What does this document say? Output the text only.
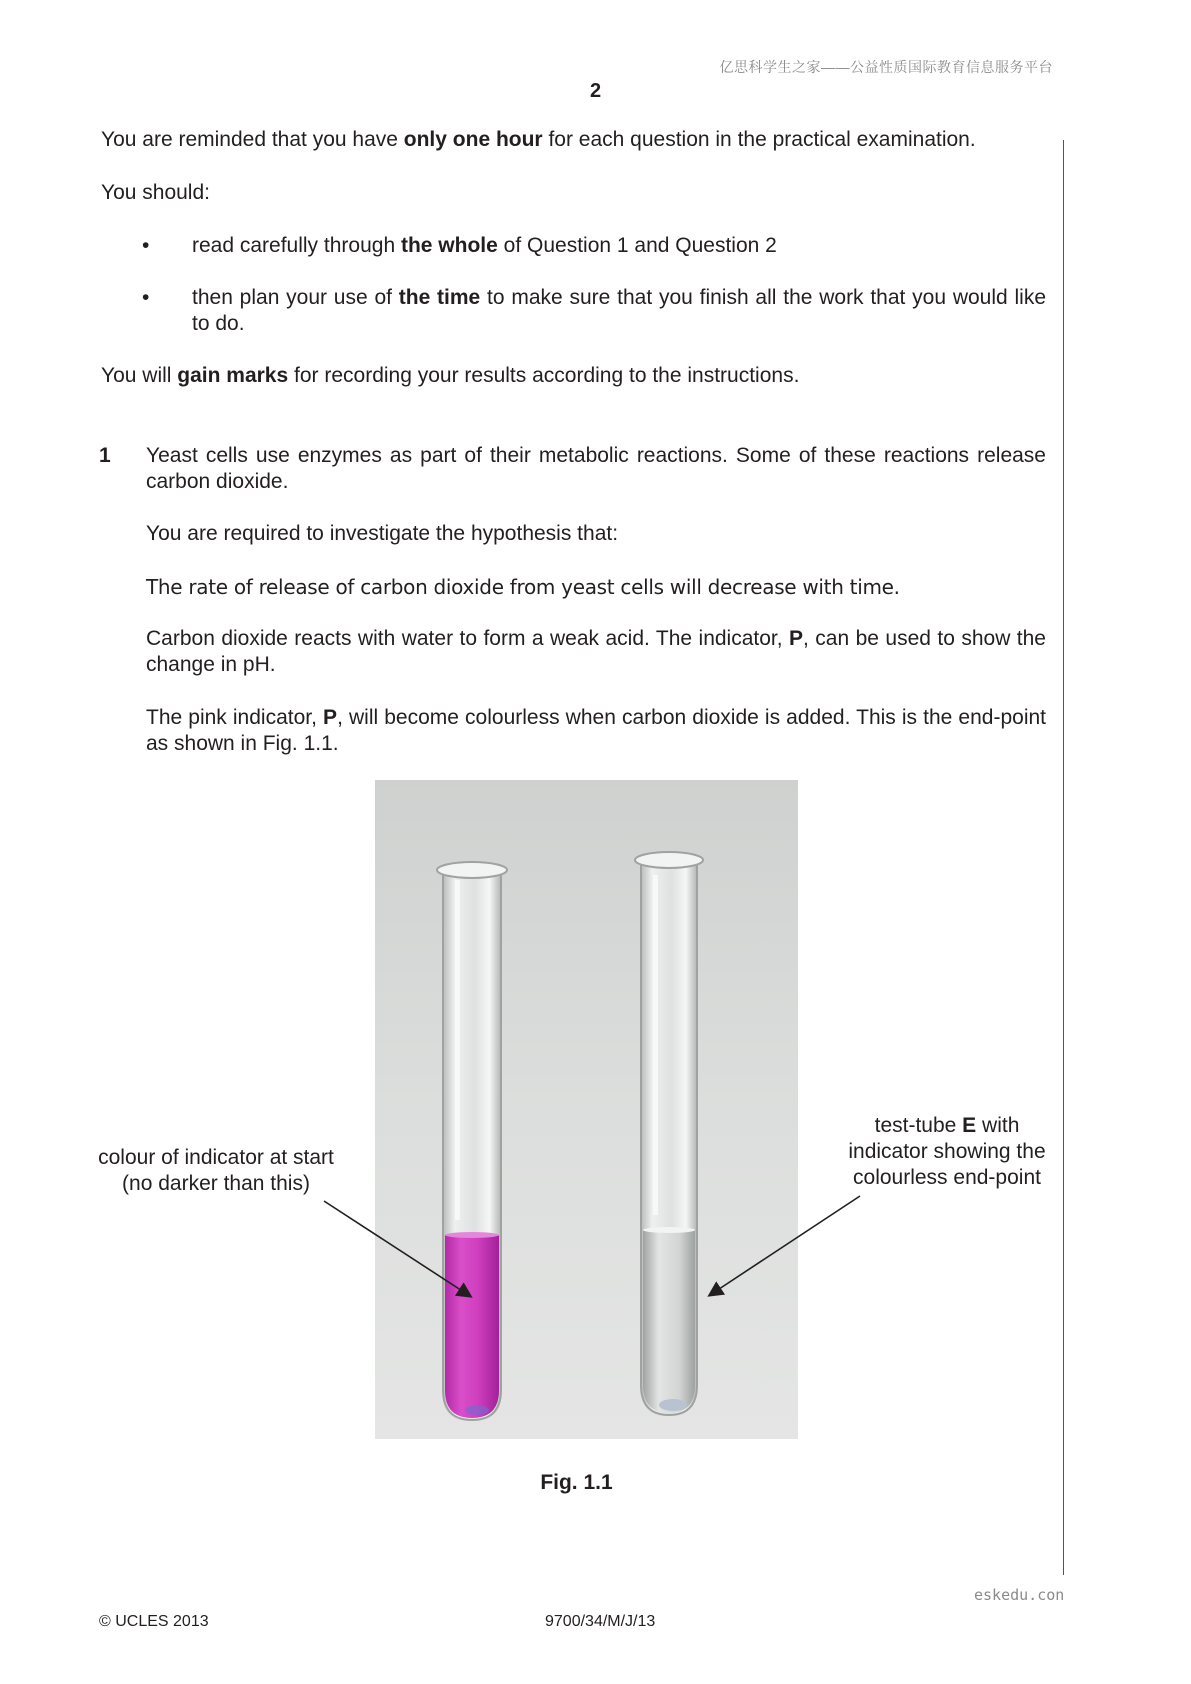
亿思科学生之家——公益性质国际教育信息服务平台
2

You are reminded that you have only one hour for each question in the practical examination.

You should:

• read carefully through the whole of Question 1 and Question 2

• then plan your use of the time to make sure that you finish all the work that you would like to do.

You will gain marks for recording your results according to the instructions.

1 Yeast cells use enzymes as part of their metabolic reactions. Some of these reactions release carbon dioxide.

You are required to investigate the hypothesis that:

The rate of release of carbon dioxide from yeast cells will decrease with time.

Carbon dioxide reacts with water to form a weak acid. The indicator, P, can be used to show the change in pH.

The pink indicator, P, will become colourless when carbon dioxide is added. This is the end-point as shown in Fig. 1.1.

colour of indicator at start
(no darker than this)
test-tube E with
indicator showing the
colourless end-point
Fig. 1.1
eskedu.con
© UCLES 2013	9700/34/M/J/13
